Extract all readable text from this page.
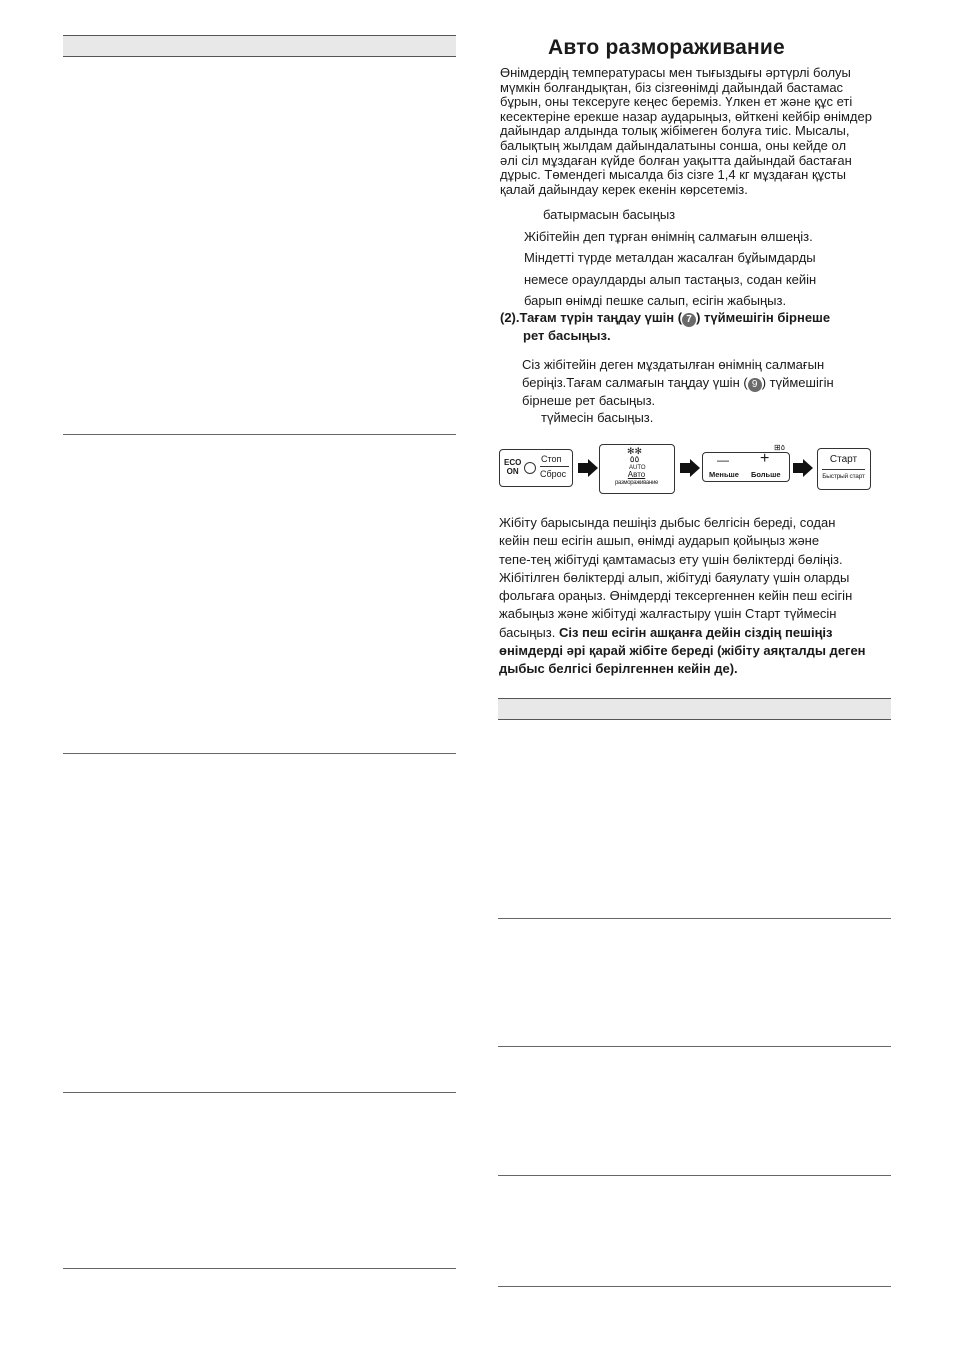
Авто размораживание
Өнімдердің температурасы мен тығыздығы әртүрлі болуы
мүмкін болғандықтан, біз сізгеөнімді дайындай бастамас
бұрын, оны тексеруге кеңес береміз. Үлкен ет және құс еті
кесектеріне ерекше назар аударыңыз, өйткені кейбір өнімдер
дайындар алдында толық жібімеген болуға тиіс. Мысалы,
балықтың жылдам дайындалатыны сонша, оны кейде ол
әлі сіл мұздаған күйде болған уақытта дайындай бастаған
дұрыс. Төмендегі мысалда біз сізге 1,4 кг мұздаған құсты
қалай дайындау керек екенін көрсетеміз.
батырмасын басыңыз
Жібітейін деп тұрған өнімнің салмағын өлшеңіз.
Міндетті түрде металдан жасалған бұйымдарды
немесе ораулдарды алып тастаңыз, содан кейін
барып өнімді пешке салып, есігін жабыңыз.
(2).Тағам түрін таңдау үшін ( 7 ) түймешігін бірнеше
рет басыңыз.
Сіз жібітейін деген мұздатылған өнімнің салмағын
беріңіз.Тағам салмағын таңдау үшін ( 9 ) түймешігін
бірнеше рет басыңыз.
түймесін басыңыз.
ECO
ON
Стоп
Сброс
✻✻
٥٥
AUTO
Авто
размораживание
⊞٥
— +
Меньше Больше
Старт
Быстрый старт
Жібіту барысында пешіңіз дыбыс белгісін береді, содан
кейін пеш есігін ашып, өнімді аударып қойыңыз және
тепе-тең жібітуді қамтамасыз ету үшін бөліктерді бөліңіз.
Жібітілген бөліктерді алып, жібітуді баяулату үшін оларды
фольгаға ораңыз. Өнімдерді тексергеннен кейін пеш есігін
жабыңыз және жібітуді жалғастыру үшін Старт түймесін
басыңыз. Сіз пеш есігін ашқанға дейін сіздің пешіңіз
өнімдерді әрі қарай жібіте береді (жібіту аяқталды деген
дыбыс белгісі берілгеннен кейін де).
